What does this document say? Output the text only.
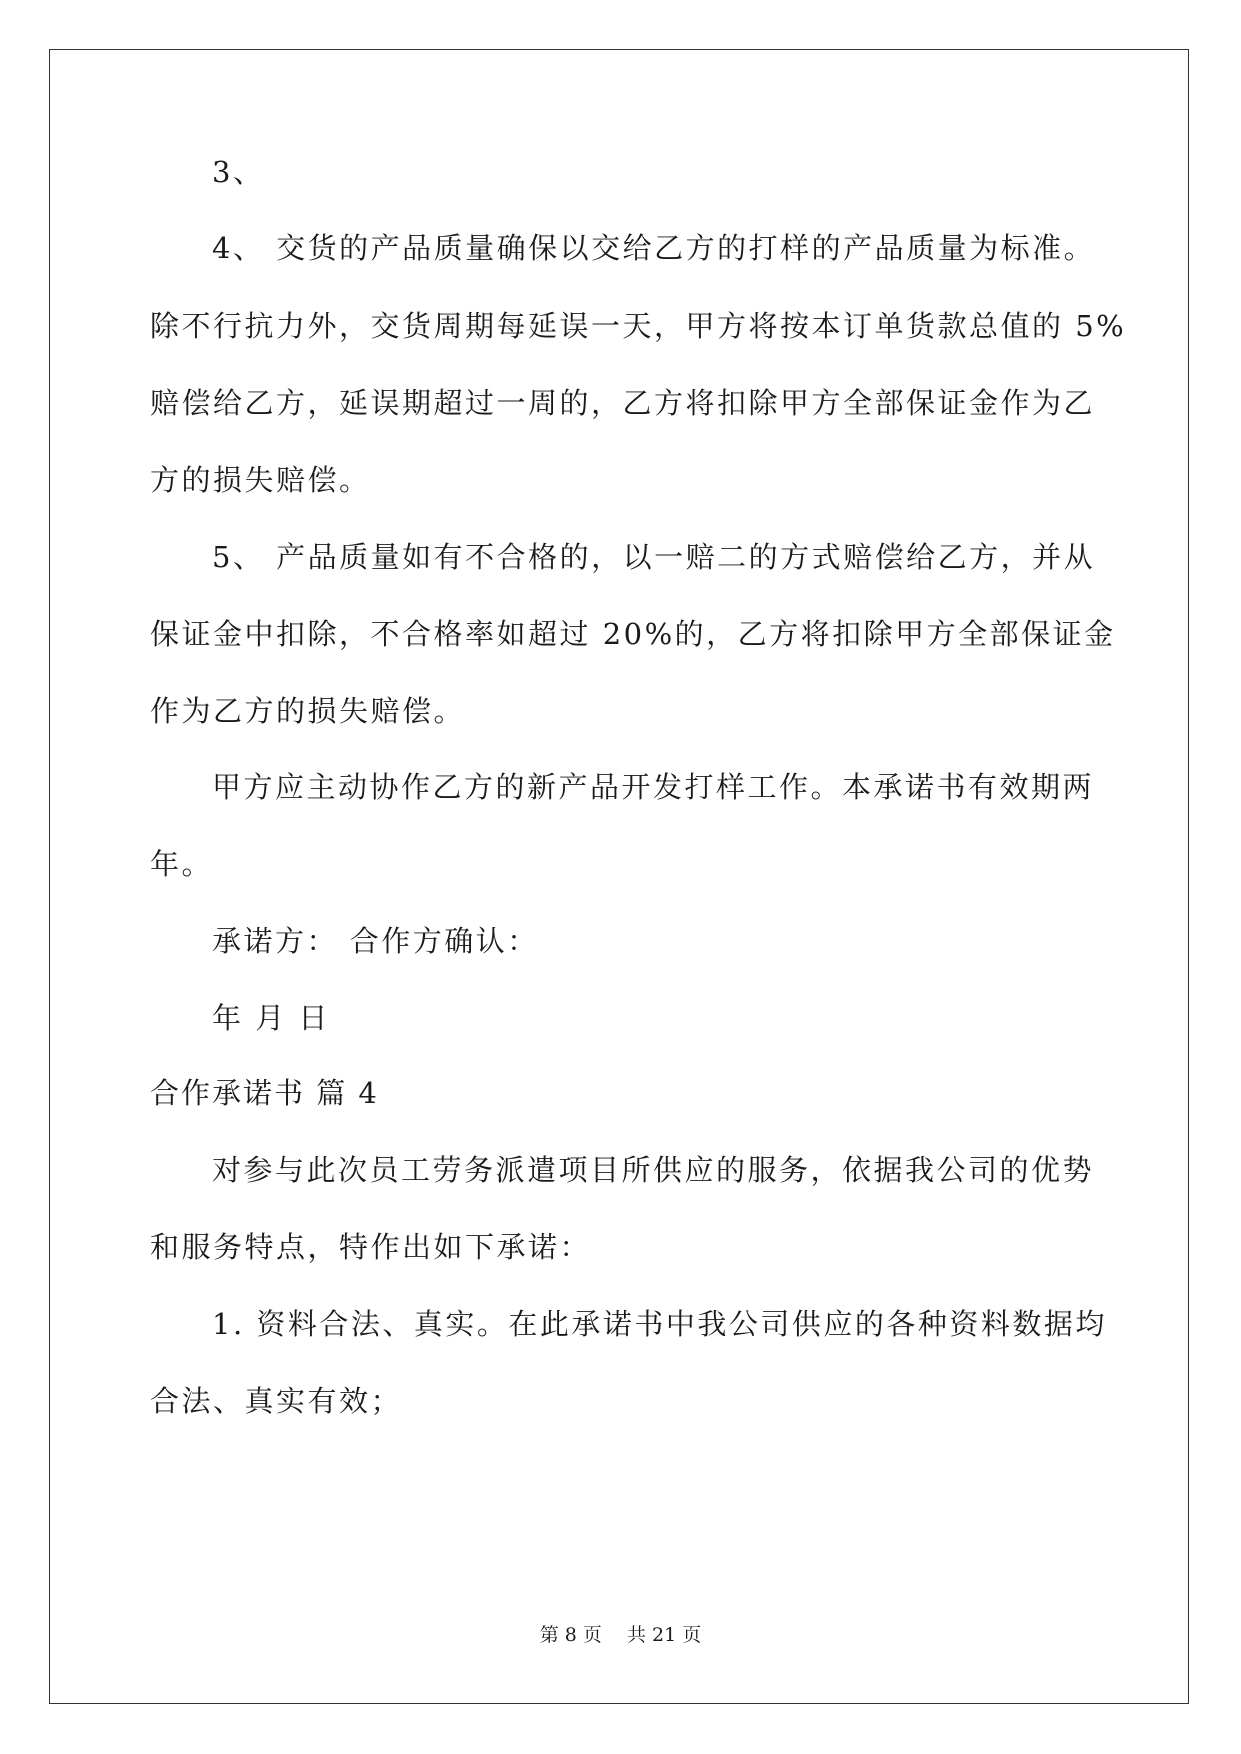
3、
4、 交货的产品质量确保以交给乙方的打样的产品质量为标准。
除不行抗力外，交货周期每延误一天，甲方将按本订单货款总值的 5%
赔偿给乙方，延误期超过一周的，乙方将扣除甲方全部保证金作为乙
方的损失赔偿。
5、 产品质量如有不合格的，以一赔二的方式赔偿给乙方，并从
保证金中扣除，不合格率如超过 20%的，乙方将扣除甲方全部保证金
作为乙方的损失赔偿。
甲方应主动协作乙方的新产品开发打样工作。本承诺书有效期两
年。
承诺方： 合作方确认：
年 月 日
合作承诺书 篇 4
对参与此次员工劳务派遣项目所供应的服务，依据我公司的优势
和服务特点，特作出如下承诺：
1. 资料合法、真实。在此承诺书中我公司供应的各种资料数据均
合法、真实有效；
第 8 页　 共 21 页
